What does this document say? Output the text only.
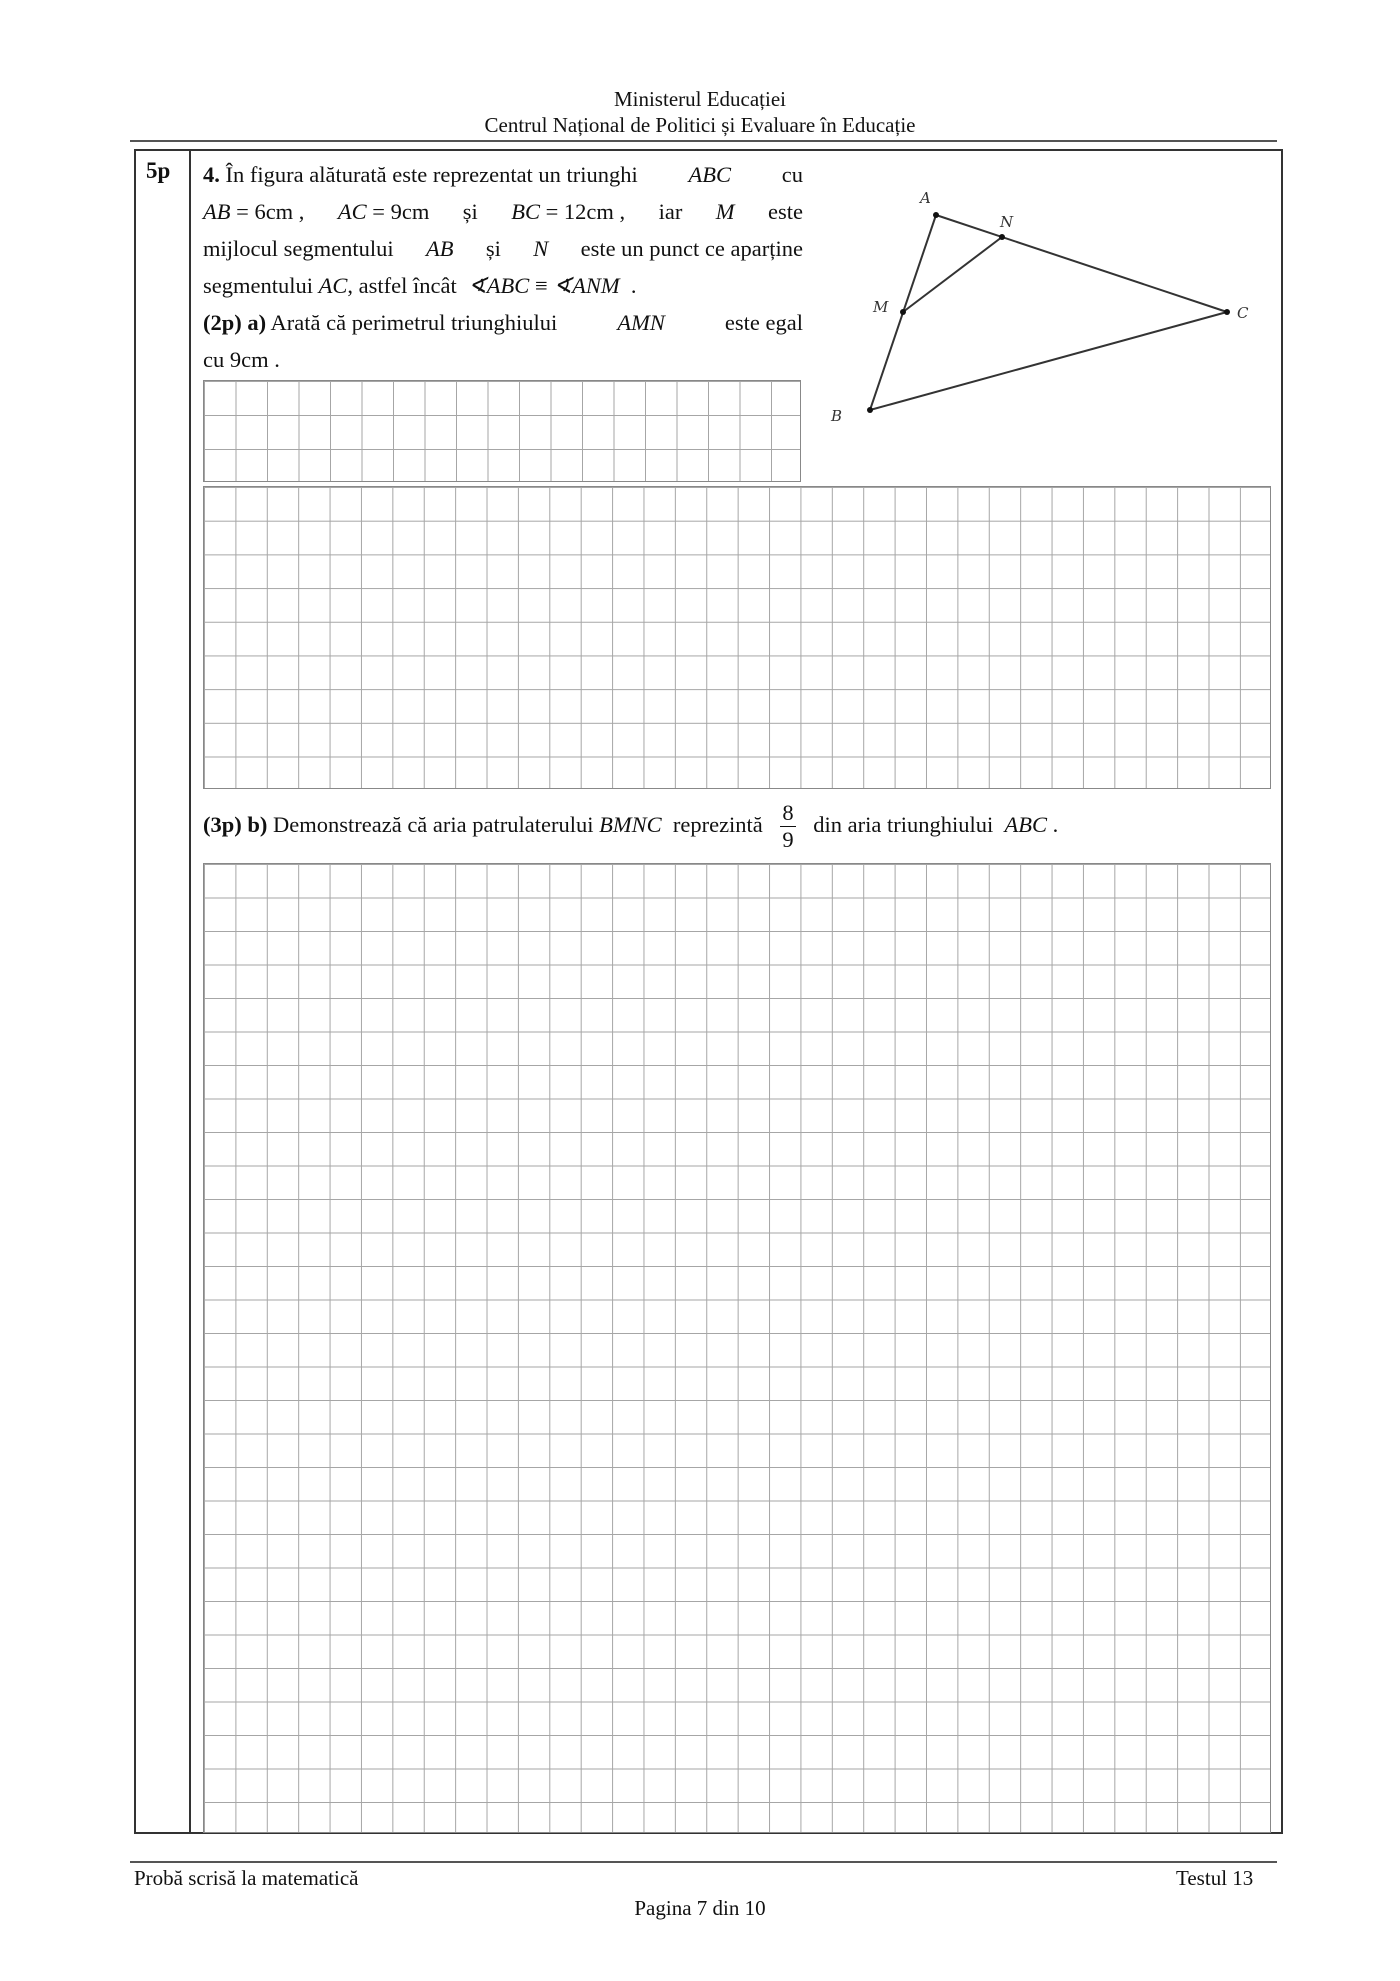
Ministerul Educației
Centrul Național de Politici și Evaluare în Educație
5p 4. În figura alăturată este reprezentat un triunghi ABC cu

AB = 6cm , AC = 9cm și BC = 12cm , iar M este

mijlocul segmentului AB și N este un punct ce aparține

segmentului AC, astfel încât ∢ABC ≡ ∢ANM .

(2p) a) Arată că perimetrul triunghiului	AMN	este egal

cu 9cm .

A
N
M	C
B
(3p) b) Demonstrează că aria patrulaterului BMNC reprezintă $\frac{8}{9}$ din aria triunghiului ABC .
Probă scrisă la matematică	Testul 13
Pagina 7 din 10
